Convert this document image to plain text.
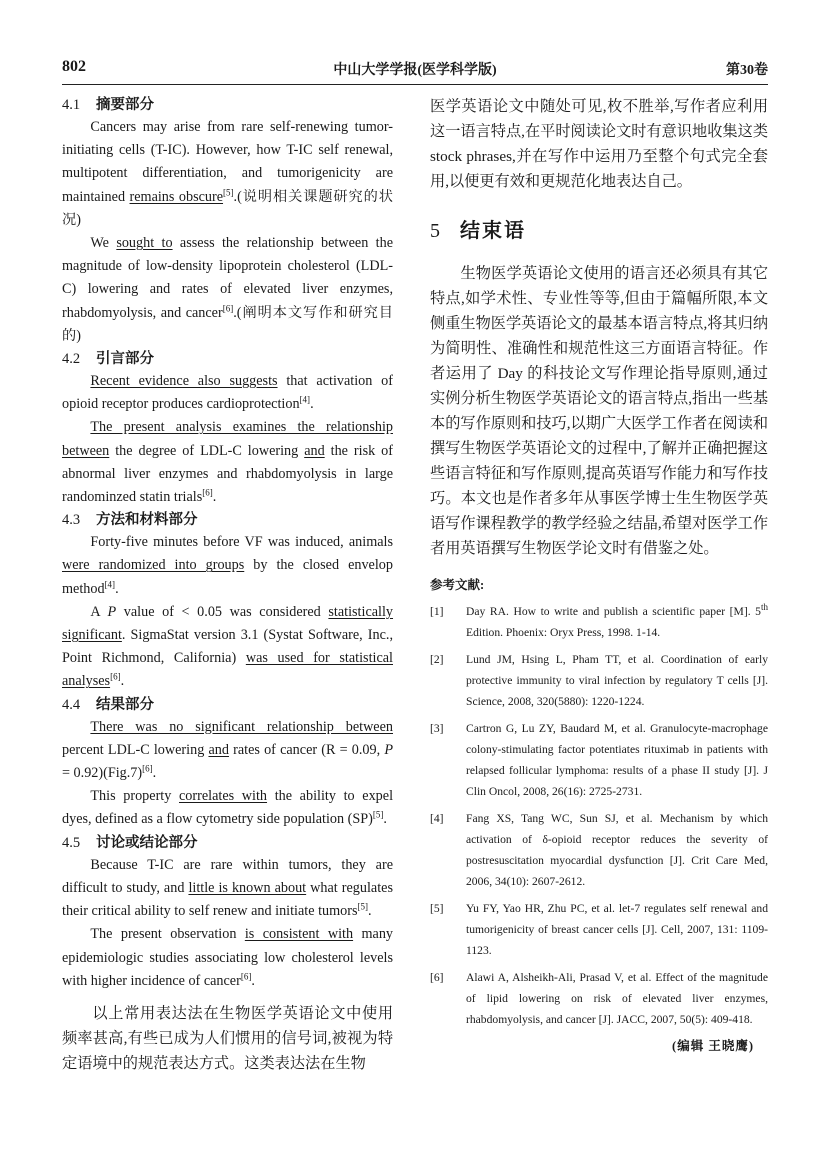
802	中山大学学报(医学科学版)	第30卷
4.1 摘要部分

Cancers may arise from rare self-renewing tumor-initiating cells (T-IC). However, how T-IC self renewal, multipotent differentiation, and tumorigenicity are maintained remains obscure[5].(说明相关课题研究的状况)

We sought to assess the relationship between the magnitude of low-density lipoprotein cholesterol (LDL-C) lowering and rates of elevated liver enzymes, rhabdomyolysis, and cancer[6].(阐明本文写作和研究目的)

4.2 引言部分

Recent evidence also suggests that activation of opioid receptor produces cardioprotection[4].

The present analysis examines the relationship between the degree of LDL-C lowering and the risk of abnormal liver enzymes and rhabdomyolysis in large randominzed statin trials[6].

4.3 方法和材料部分

Forty-five minutes before VF was induced, animals were randomized into groups by the closed envelop method[4].

A P value of < 0.05 was considered statistically significant. SigmaStat version 3.1 (Systat Software, Inc., Point Richmond, California) was used for statistical analyses[6].

4.4 结果部分

There was no significant relationship between percent LDL-C lowering and rates of cancer (R = 0.09, P = 0.92)(Fig.7)[6].

This property correlates with the ability to expel dyes, defined as a flow cytometry side population (SP)[5].

4.5 讨论或结论部分

Because T-IC are rare within tumors, they are difficult to study, and little is known about what regulates their critical ability to self renew and initiate tumors[5].

The present observation is consistent with many epidemiologic studies associating low cholesterol levels with higher incidence of cancer[6].

以上常用表达法在生物医学英语论文中使用频率甚高,有些已成为人们惯用的信号词,被视为特定语境中的规范表达方式。这类表达法在生物

医学英语论文中随处可见,枚不胜举,写作者应利用这一语言特点,在平时阅读论文时有意识地收集这类 stock phrases,并在写作中运用乃至整个句式完全套用,以便更有效和更规范化地表达自己。

5 结束语

生物医学英语论文使用的语言还必须具有其它特点,如学术性、专业性等等,但由于篇幅所限,本文侧重生物医学英语论文的最基本语言特点,将其归纳为简明性、准确性和规范性这三方面语言特征。作者运用了 Day 的科技论文写作理论指导原则,通过实例分析生物医学英语论文的语言特点,指出一些基本的写作原则和技巧,以期广大医学工作者在阅读和撰写生物医学英语论文的过程中,了解并正确把握这些语言特征和写作原则,提高英语写作能力和写作技巧。本文也是作者多年从事医学博士生生物医学英语写作课程教学的教学经验之结晶,希望对医学工作者用英语撰写生物医学论文时有借鉴之处。

参考文献:
[1]	Day RA. How to write and publish a scientific paper [M]. 5th Edition. Phoenix: Oryx Press, 1998. 1-14.
[2]	Lund JM, Hsing L, Pham TT, et al. Coordination of early protective immunity to viral infection by regulatory T cells [J]. Science, 2008, 320(5880): 1220-1224.
[3]	Cartron G, Lu ZY, Baudard M, et al. Granulocyte-macrophage colony-stimulating factor potentiates rituximab in patients with relapsed follicular lymphoma: results of a phase II study [J]. J Clin Oncol, 2008, 26(16): 2725-2731.
[4]	Fang XS, Tang WC, Sun SJ, et al. Mechanism by which activation of δ-opioid receptor reduces the severity of postresuscitation myocardial dysfunction [J]. Crit Care Med, 2006, 34(10): 2607-2612.
[5]	Yu FY, Yao HR, Zhu PC, et al. let-7 regulates self renewal and tumorigenicity of breast cancer cells [J]. Cell, 2007, 131: 1109-1123.
[6]	Alawi A, Alsheikh-Ali, Prasad V, et al. Effect of the magnitude of lipid lowering on risk of elevated liver enzymes, rhabdomyolysis, and cancer [J]. JACC, 2007, 50(5): 409-418.
(编辑 王晓鹰)
